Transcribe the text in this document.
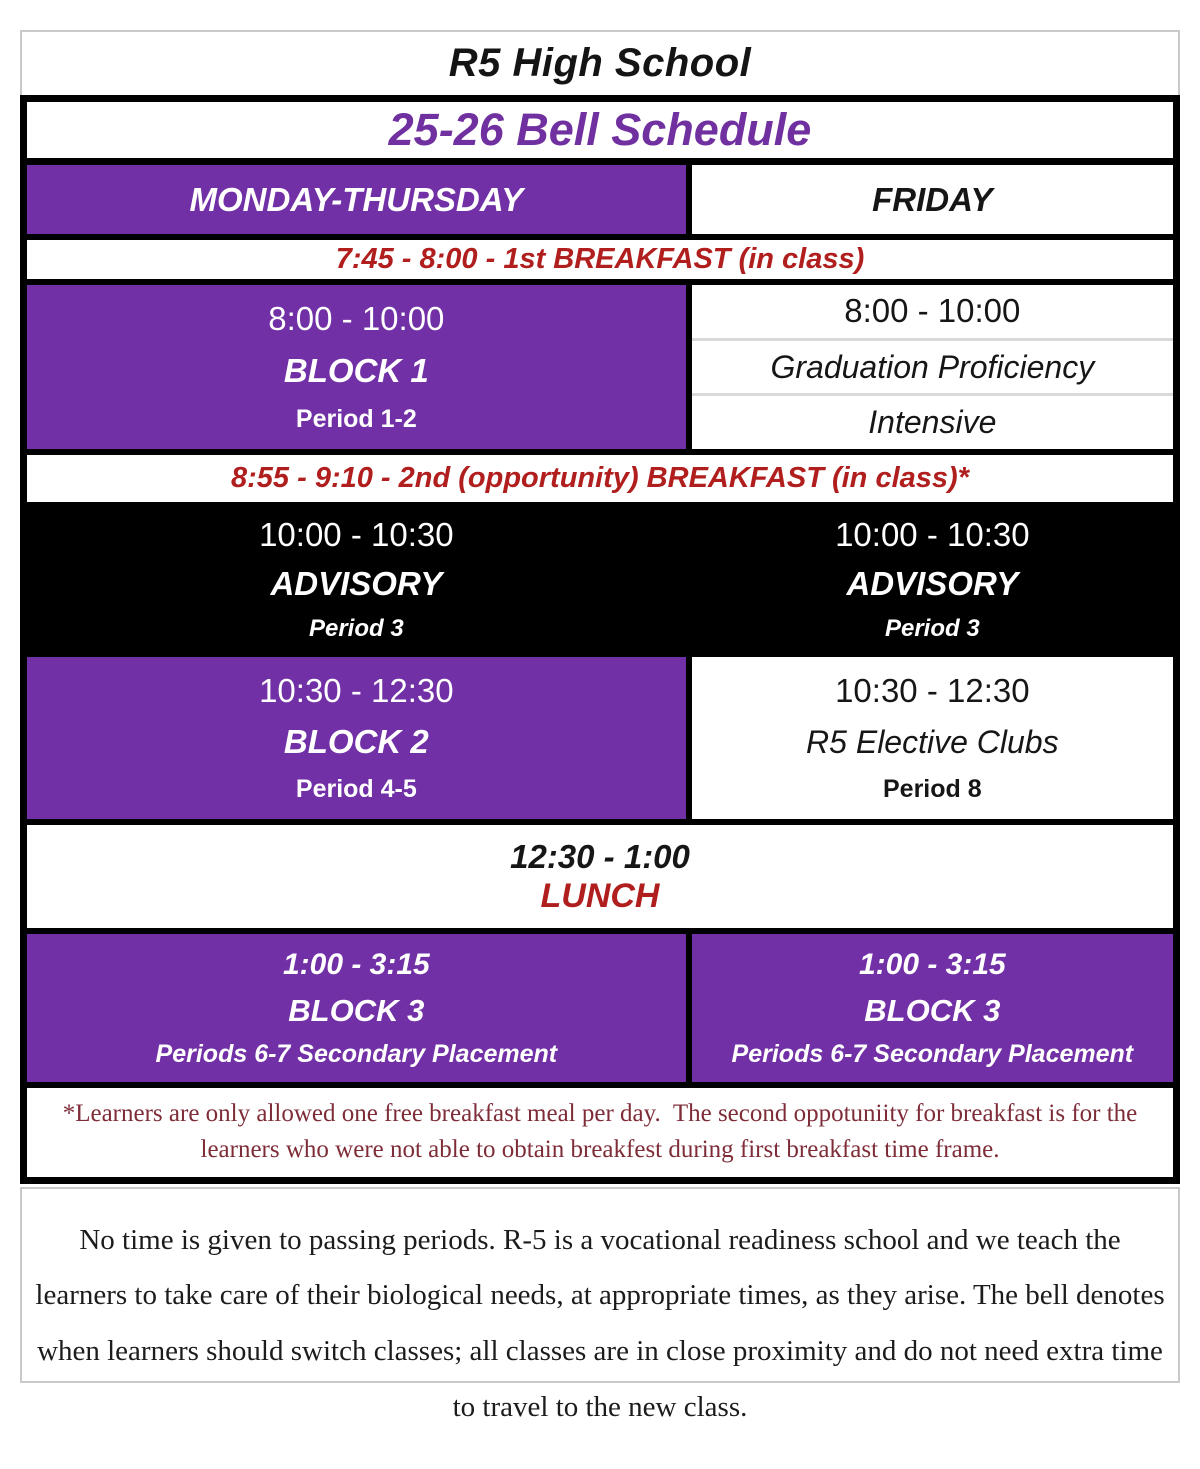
R5 High School
25-26 Bell Schedule
MONDAY-THURSDAY	FRIDAY
7:45 - 8:00 - 1st BREAKFAST (in class)
8:00 - 10:00
BLOCK 1
Period 1-2
8:00 - 10:00
Graduation Proficiency
Intensive
8:55 - 9:10 - 2nd (opportunity) BREAKFAST (in class)*
10:00 - 10:30
ADVISORY
Period 3
10:00 - 10:30
ADVISORY
Period 3
10:30 - 12:30
BLOCK 2
Period 4-5
10:30 - 12:30
R5 Elective Clubs
Period 8
12:30 - 1:00
LUNCH
1:00 - 3:15
BLOCK 3
Periods 6-7 Secondary Placement
1:00 - 3:15
BLOCK 3
Periods 6-7 Secondary Placement
*Learners are only allowed one free breakfast meal per day.  The second oppotuniity for breakfast is for the learners who were not able to obtain breakfest during first breakfast time frame.

No time is given to passing periods. R-5 is a vocational readiness school and we teach the learners to take care of their biological needs, at appropriate times, as they arise. The bell denotes when learners should switch classes; all classes are in close proximity and do not need extra time to travel to the new class.
